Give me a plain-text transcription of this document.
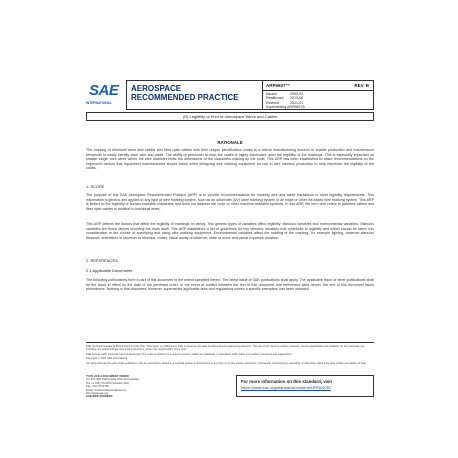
SAE
INTERNATIONAL
AEROSPACE
RECOMMENDED PRACTICE
ARP5607™	REV. B
Issued	2002-02
Reaffirmed	2013-06
Revised	2021-01
Superseding ARP5607A
(R) Legibility of Print on Aerospace Wires and Cables
RATIONALE
The marking of electrical wires and cables and fiber optic cables with their unique identification codes is a critical manufacturing function to enable production and maintenance personnel to easily identify each wire and cable. The ability of personnel to read the codes is highly dependent upon the legibility of the markings. This is especially important on smaller single core wires where the wire diameter limits the dimensions of the characters making up the code. This ARP has been established to make recommendations on the ergonomic factors that equipment manufacturers should follow when designing wire marking equipment for use in wire harness production to help maximize the legibility of the codes.
1. SCOPE
The purpose of this SAE Aerospace Recommended Practice (ARP) is to provide recommendations for marking wire and cable insulations to meet legibility requirements. This information is generic and applies to any type of wire marking system, such as an ultraviolet (UV) laser marking system or an inkjet or other ink based wire marking system. This ARP is limited to the legibility of human-readable characters and does not address bar code or other machine-readable symbols. In this ARP, the term wire refers to jacketed cables and fiber optic cables in addition to individual wires.
This ARP defines the factors that affect the legibility of markings on wiring. Two generic types of variables affect legibility: stimulus variables and environmental variables. Stimulus variables are those factors involving the mark itself. This ARP establishes a set of guidelines for key stimulus variables that contribute to legibility and which should be taken into consideration in the course of specifying and using wire marking equipment. Environmental variables affect the reading of the marking, for example lighting, observer-stimulus distance, orientation of observer to stimulus, clutter, visual acuity of observer, state of mind, and visual exposure duration.
2. REFERENCES
2.1 Applicable Documents
The following publications form a part of this document to the extent specified herein. The latest issue of SAE publications shall apply. The applicable issue of other publications shall be the issue in effect on the date of the purchase order. In the event of conflict between the text of this document and references cited herein, the text of this document takes precedence. Nothing in this document, however, supersedes applicable laws and regulations unless a specific exemption has been obtained.
SAE Technical Standards Board Rules provide that: "This report is published by SAE to advance the state of technical and engineering sciences. The use of this report is entirely voluntary, and its applicability and suitability for any particular use, including any patent infringement arising therefrom, is the sole responsibility of the user."
SAE reviews each technical report at least every five years at which time it may be revised, reaffirmed, stabilized, or cancelled. SAE invites your written comments and suggestions.
Copyright © 2021 SAE International
All rights reserved. No part of this publication may be reproduced, stored in a retrieval system or transmitted, in any form or by any means, electronic, mechanical, photocopying, recording, or otherwise, without the prior written permission of SAE.
TO PLACE A DOCUMENT ORDER:
Tel: 877-606-7323 (inside USA and Canada)
Tel: +1 724-776-4970 (outside USA)
Fax: 724-776-0790
Email: CustomerService@sae.org
http://www.sae.org
SAE WEB ADDRESS:
For more information on this standard, visit
https://www.sae.org/standards/content/ARP5607B/
